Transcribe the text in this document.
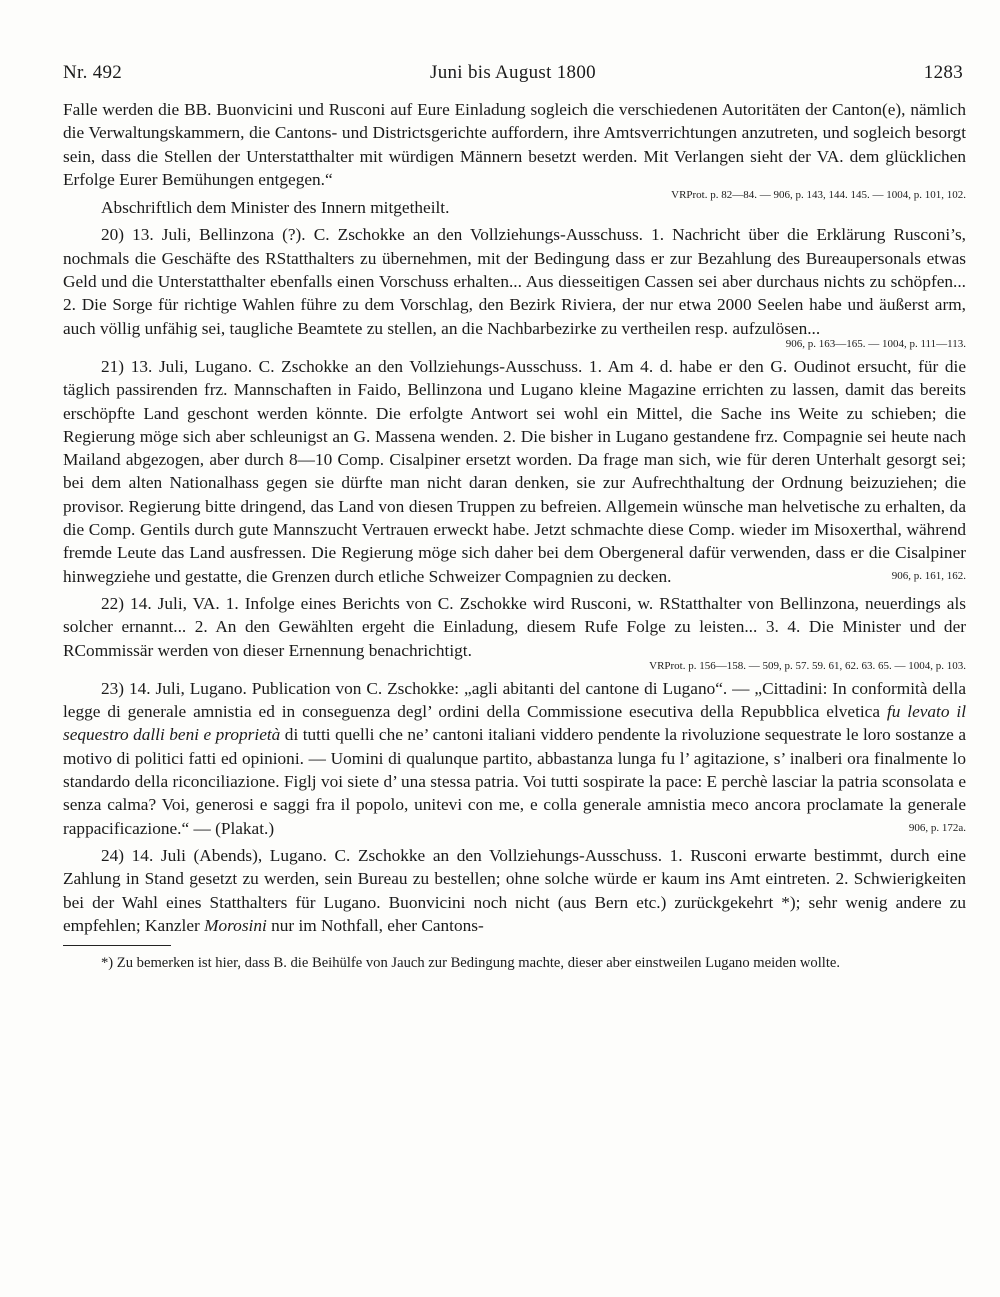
Nr. 492	Juni bis August 1800	1283

Falle werden die BB. Buonvicini und Rusconi auf Eure Einladung sogleich die verschiedenen Autoritäten der Canton(e), nämlich die Verwaltungskammern, die Cantons- und Districtsgerichte auffordern, ihre Amtsverrichtungen anzutreten, und sogleich besorgt sein, dass die Stellen der Unterstatthalter mit würdigen Männern besetzt werden. Mit Verlangen sieht der VA. dem glücklichen Erfolge Eurer Bemühungen entgegen.“

VRProt. p. 82—84. — 906, p. 143, 144. 145. — 1004, p. 101, 102.

Abschriftlich dem Minister des Innern mitgetheilt.

20) 13. Juli, Bellinzona (?). C. Zschokke an den Vollziehungs-Ausschuss. 1. Nachricht über die Erklärung Rusconi’s, nochmals die Geschäfte des RStatthalters zu übernehmen, mit der Bedingung dass er zur Bezahlung des Bureaupersonals etwas Geld und die Unterstatthalter ebenfalls einen Vorschuss erhalten... Aus diesseitigen Cassen sei aber durchaus nichts zu schöpfen... 2. Die Sorge für richtige Wahlen führe zu dem Vorschlag, den Bezirk Riviera, der nur etwa 2000 Seelen habe und äußerst arm, auch völlig unfähig sei, taugliche Beamtete zu stellen, an die Nachbarbezirke zu vertheilen resp. aufzulösen...

906, p. 163—165. — 1004, p. 111—113.

21) 13. Juli, Lugano. C. Zschokke an den Vollziehungs-Ausschuss. 1. Am 4. d. habe er den G. Oudinot ersucht, für die täglich passirenden frz. Mannschaften in Faido, Bellinzona und Lugano kleine Magazine errichten zu lassen, damit das bereits erschöpfte Land geschont werden könnte. Die erfolgte Antwort sei wohl ein Mittel, die Sache ins Weite zu schieben; die Regierung möge sich aber schleunigst an G. Massena wenden. 2. Die bisher in Lugano gestandene frz. Compagnie sei heute nach Mailand abgezogen, aber durch 8—10 Comp. Cisalpiner ersetzt worden. Da frage man sich, wie für deren Unterhalt gesorgt sei; bei dem alten Nationalhass gegen sie dürfte man nicht daran denken, sie zur Aufrechthaltung der Ordnung beizuziehen; die provisor. Regierung bitte dringend, das Land von diesen Truppen zu befreien. Allgemein wünsche man helvetische zu erhalten, da die Comp. Gentils durch gute Mannszucht Vertrauen erweckt habe. Jetzt schmachte diese Comp. wieder im Misoxerthal, während fremde Leute das Land ausfressen. Die Regierung möge sich daher bei dem Obergeneral dafür verwenden, dass er die Cisalpiner hinwegziehe und gestatte, die Grenzen durch etliche Schweizer Compagnien zu decken.	906, p. 161, 162.

22) 14. Juli, VA. 1. Infolge eines Berichts von C. Zschokke wird Rusconi, w. RStatthalter von Bellinzona, neuerdings als solcher ernannt... 2. An den Gewählten ergeht die Einladung, diesem Rufe Folge zu leisten... 3. 4. Die Minister und der RCommissär werden von dieser Ernennung benachrichtigt.

VRProt. p. 156—158. — 509, p. 57. 59. 61, 62. 63. 65. — 1004, p. 103.

23) 14. Juli, Lugano. Publication von C. Zschokke: „agli abitanti del cantone di Lugano“. — „Cittadini: In conformità della legge di generale amnistia ed in conseguenza degl’ ordini della Commissione esecutiva della Repubblica elvetica fu levato il sequestro dalli beni e proprietà di tutti quelli che ne’ cantoni italiani viddero pendente la rivoluzione sequestrate le loro sostanze a motivo di politici fatti ed opinioni. — Uomini di qualunque partito, abbastanza lunga fu l’ agitazione, s’ inalberi ora finalmente lo standardo della riconciliazione. Figlj voi siete d’ una stessa patria. Voi tutti sospirate la pace: E perchè lasciar la patria sconsolata e senza calma? Voi, generosi e saggi fra il popolo, unitevi con me, e colla generale amnistia meco ancora proclamate la generale rappacificazione.“ — (Plakat.)	906, p. 172a.

24) 14. Juli (Abends), Lugano. C. Zschokke an den Vollziehungs-Ausschuss. 1. Rusconi erwarte bestimmt, durch eine Zahlung in Stand gesetzt zu werden, sein Bureau zu bestellen; ohne solche würde er kaum ins Amt eintreten. 2. Schwierigkeiten bei der Wahl eines Statthalters für Lugano. Buonvicini noch nicht (aus Bern etc.) zurückgekehrt *); sehr wenig andere zu empfehlen; Kanzler Morosini nur im Nothfall, eher Cantons-

*) Zu bemerken ist hier, dass B. die Beihülfe von Jauch zur Bedingung machte, dieser aber einstweilen Lugano meiden wollte.
